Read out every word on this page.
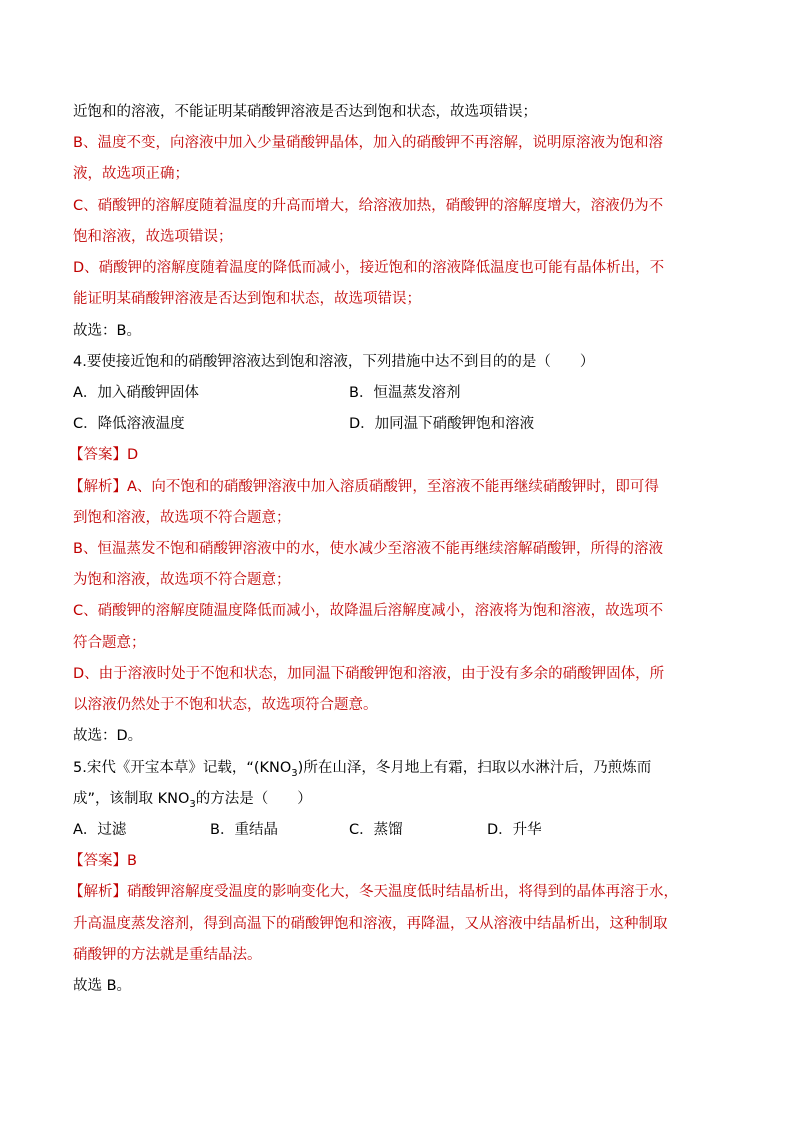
近饱和的溶液，不能证明某硝酸钾溶液是否达到饱和状态，故选项错误；
B、温度不变，向溶液中加入少量硝酸钾晶体，加入的硝酸钾不再溶解，说明原溶液为饱和溶
液，故选项正确；
C、硝酸钾的溶解度随着温度的升高而增大，给溶液加热，硝酸钾的溶解度增大，溶液仍为不
饱和溶液，故选项错误；
D、硝酸钾的溶解度随着温度的降低而减小，接近饱和的溶液降低温度也可能有晶体析出，不
能证明某硝酸钾溶液是否达到饱和状态，故选项错误；
故选：B。
4.要使接近饱和的硝酸钾溶液达到饱和溶液，下列措施中达不到目的的是（　　）
A．加入硝酸钾固体	B．恒温蒸发溶剂
C．降低溶液温度	D．加同温下硝酸钾饱和溶液
【答案】D
【解析】A、向不饱和的硝酸钾溶液中加入溶质硝酸钾，至溶液不能再继续硝酸钾时，即可得
到饱和溶液，故选项不符合题意；
B、恒温蒸发不饱和硝酸钾溶液中的水，使水减少至溶液不能再继续溶解硝酸钾，所得的溶液
为饱和溶液，故选项不符合题意；
C、硝酸钾的溶解度随温度降低而减小，故降温后溶解度减小，溶液将为饱和溶液，故选项不
符合题意；
D、由于溶液时处于不饱和状态，加同温下硝酸钾饱和溶液，由于没有多余的硝酸钾固体，所
以溶液仍然处于不饱和状态，故选项符合题意。
故选：D。
5.宋代《开宝本草》记载，“$(KNO_3)$所在山泽，冬月地上有霜，扫取以水淋汁后，乃煎炼而
成”，该制取 $KNO_3$的方法是（　　）
A．过滤	B．重结晶	C．蒸馏	D．升华
【答案】B
【解析】硝酸钾溶解度受温度的影响变化大，冬天温度低时结晶析出，将得到的晶体再溶于水，
升高温度蒸发溶剂，得到高温下的硝酸钾饱和溶液，再降温，又从溶液中结晶析出，这种制取
硝酸钾的方法就是重结晶法。
故选 B。
